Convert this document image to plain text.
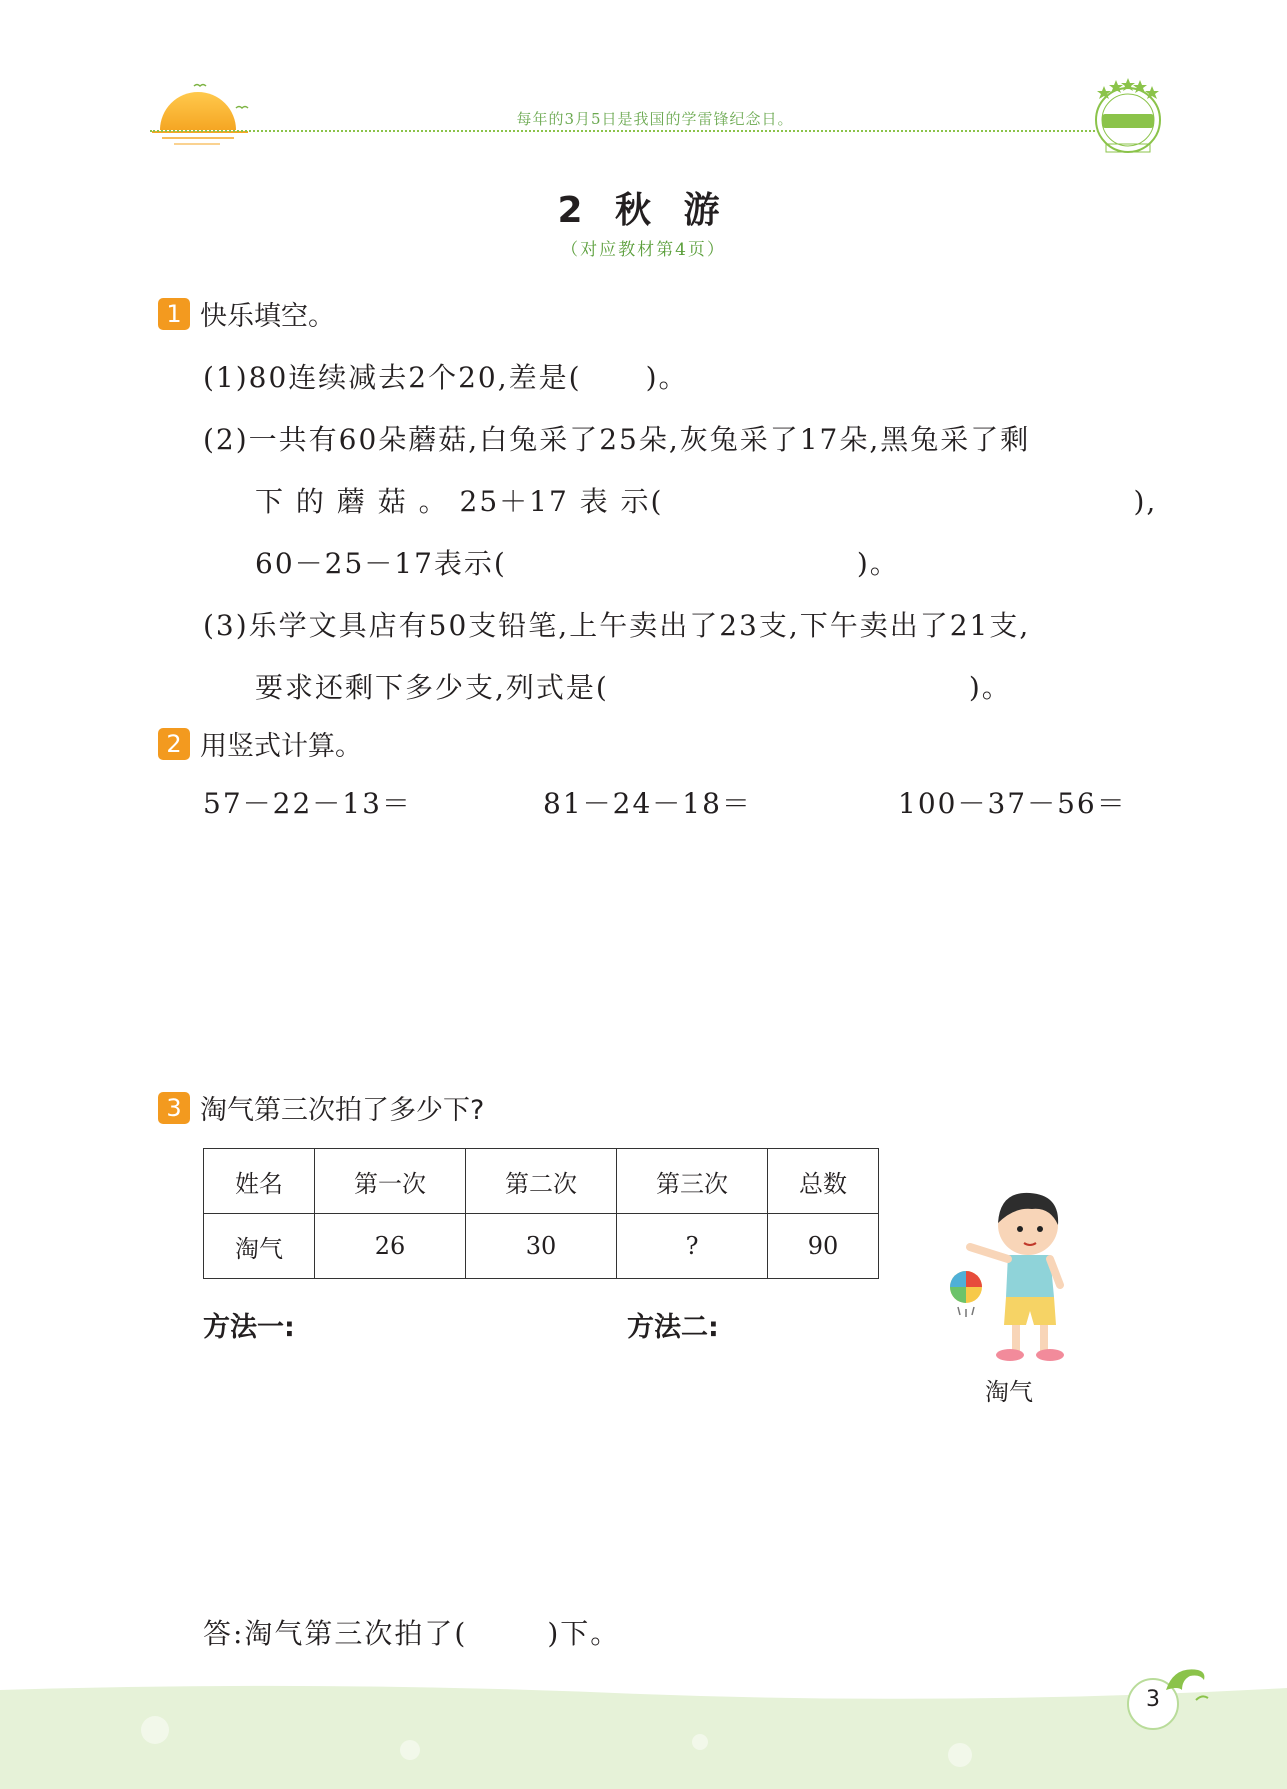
每年的3月5日是我国的学雷锋纪念日。
2 秋 游
（对应教材第4页）
1 快乐填空。
(1)80连续减去2个20,差是( )。
(2)一共有60朵蘑菇,白兔采了25朵,灰兔采了17朵,黑兔采了剩
下 的 蘑 菇 。 25＋17 表 示(	),
60－25－17表示(	)。
(3)乐学文具店有50支铅笔,上午卖出了23支,下午卖出了21支,
要求还剩下多少支,列式是(	)。
2 用竖式计算。
57－22－13＝	81－24－18＝	100－37－56＝
3 淘气第三次拍了多少下?
姓名	第一次	第二次	第三次	总数
淘气	26	30	?	90
方法一:	方法二:
淘气
答:淘气第三次拍了(	)下。
3
